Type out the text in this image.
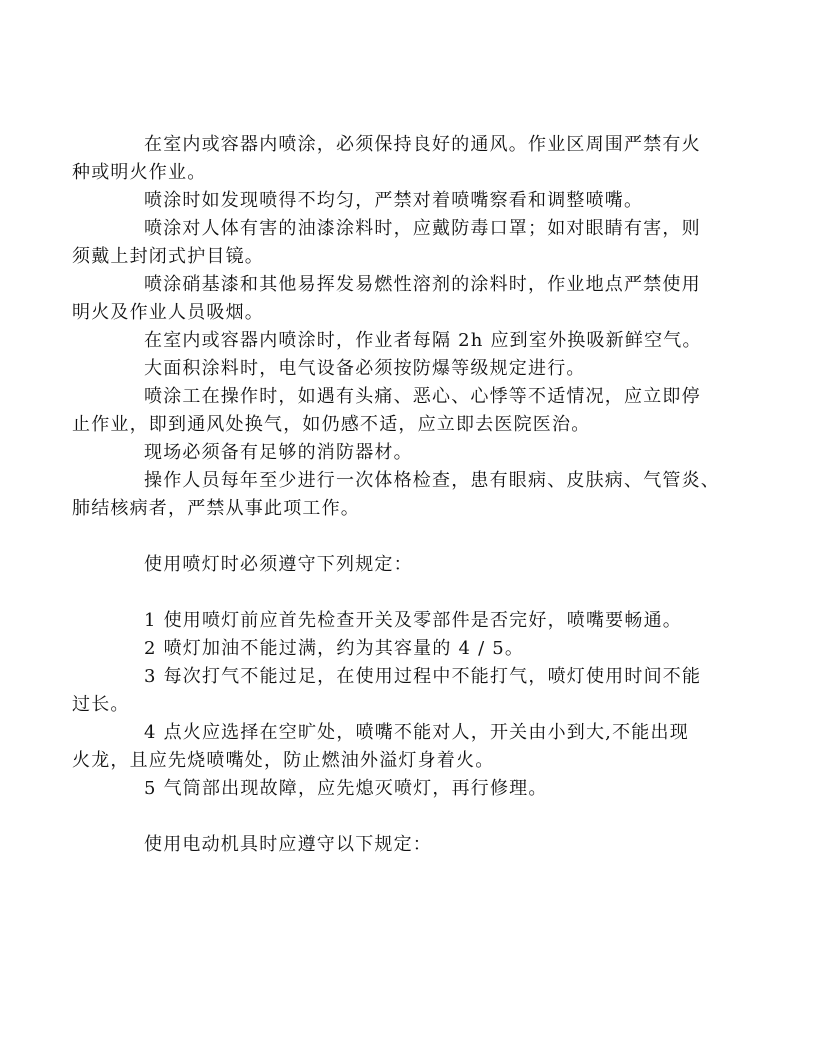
在室内或容器内喷涂，必须保持良好的通风。作业区周围严禁有火
种或明火作业。

喷涂时如发现喷得不均匀，严禁对着喷嘴察看和调整喷嘴。

喷涂对人体有害的油漆涂料时，应戴防毒口罩；如对眼睛有害，则
须戴上封闭式护目镜。

喷涂硝基漆和其他易挥发易燃性溶剂的涂料时，作业地点严禁使用
明火及作业人员吸烟。

在室内或容器内喷涂时，作业者每隔 2h 应到室外换吸新鲜空气。

大面积涂料时，电气设备必须按防爆等级规定进行。

喷涂工在操作时，如遇有头痛、恶心、心悸等不适情况，应立即停
止作业，即到通风处换气，如仍感不适，应立即去医院医治。

现场必须备有足够的消防器材。

操作人员每年至少进行一次体格检查，患有眼病、皮肤病、气管炎、
肺结核病者，严禁从事此项工作。

使用喷灯时必须遵守下列规定：

1 使用喷灯前应首先检查开关及零部件是否完好，喷嘴要畅通。

2 喷灯加油不能过满，约为其容量的 4 / 5。

3 每次打气不能过足，在使用过程中不能打气，喷灯使用时间不能
过长。

4 点火应选择在空旷处，喷嘴不能对人，开关由小到大,不能出现
火龙，且应先烧喷嘴处，防止燃油外溢灯身着火。

5 气筒部出现故障，应先熄灭喷灯，再行修理。

使用电动机具时应遵守以下规定：
